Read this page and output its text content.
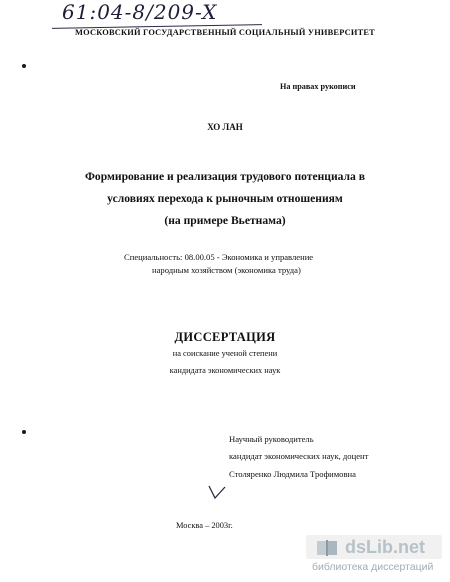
61:04-8/209-X
МОСКОВСКИЙ ГОСУДАРСТВЕННЫЙ СОЦИАЛЬНЫЙ УНИВЕРСИТЕТ
На правах рукописи
ХО ЛАН
Формирование и реализация трудового потенциала в
условиях перехода к рыночным отношениям
(на примере Вьетнама)
Специальность: 08.00.05 - Экономика и управление
народным хозяйством (экономика труда)
ДИССЕРТАЦИЯ
на соискание ученой степени
кандидата экономических наук
Научный руководитель
кандидат экономических наук, доцент
Столяренко Людмила Трофимовна
Москва – 2003г.
dsLib.net
библиотека диссертаций
